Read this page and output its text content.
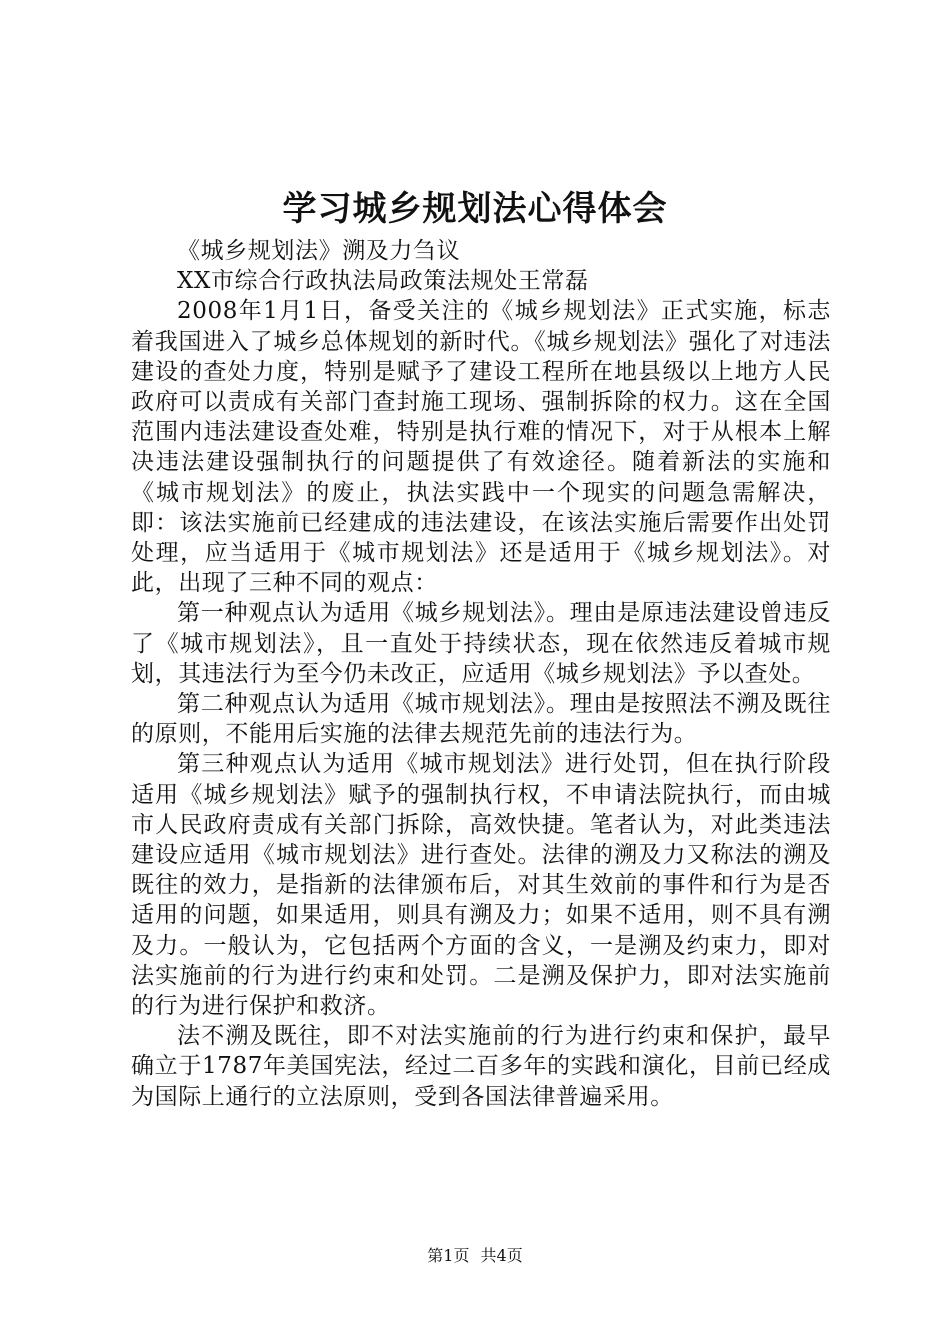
学习城乡规划法心得体会

《城乡规划法》溯及力刍议

XX市综合行政执法局政策法规处王常磊

2008年1月1日，备受关注的《城乡规划法》正式实施，标志着我国进入了城乡总体规划的新时代。《城乡规划法》强化了对违法建设的查处力度，特别是赋予了建设工程所在地县级以上地方人民政府可以责成有关部门查封施工现场、强制拆除的权力。这在全国范围内违法建设查处难，特别是执行难的情况下，对于从根本上解决违法建设强制执行的问题提供了有效途径。随着新法的实施和《城市规划法》的废止，执法实践中一个现实的问题急需解决，即：该法实施前已经建成的违法建设，在该法实施后需要作出处罚处理，应当适用于《城市规划法》还是适用于《城乡规划法》。对此，出现了三种不同的观点：

第一种观点认为适用《城乡规划法》。理由是原违法建设曾违反了《城市规划法》，且一直处于持续状态，现在依然违反着城市规划，其违法行为至今仍未改正，应适用《城乡规划法》予以查处。

第二种观点认为适用《城市规划法》。理由是按照法不溯及既往的原则，不能用后实施的法律去规范先前的违法行为。

第三种观点认为适用《城市规划法》进行处罚，但在执行阶段适用《城乡规划法》赋予的强制执行权，不申请法院执行，而由城市人民政府责成有关部门拆除，高效快捷。笔者认为，对此类违法建设应适用《城市规划法》进行查处。法律的溯及力又称法的溯及既往的效力，是指新的法律颁布后，对其生效前的事件和行为是否适用的问题，如果适用，则具有溯及力；如果不适用，则不具有溯及力。一般认为，它包括两个方面的含义，一是溯及约束力，即对法实施前的行为进行约束和处罚。二是溯及保护力，即对法实施前的行为进行保护和救济。

法不溯及既往，即不对法实施前的行为进行约束和保护，最早确立于1787年美国宪法，经过二百多年的实践和演化，目前已经成为国际上通行的立法原则，受到各国法律普遍采用。

第1页 共4页
